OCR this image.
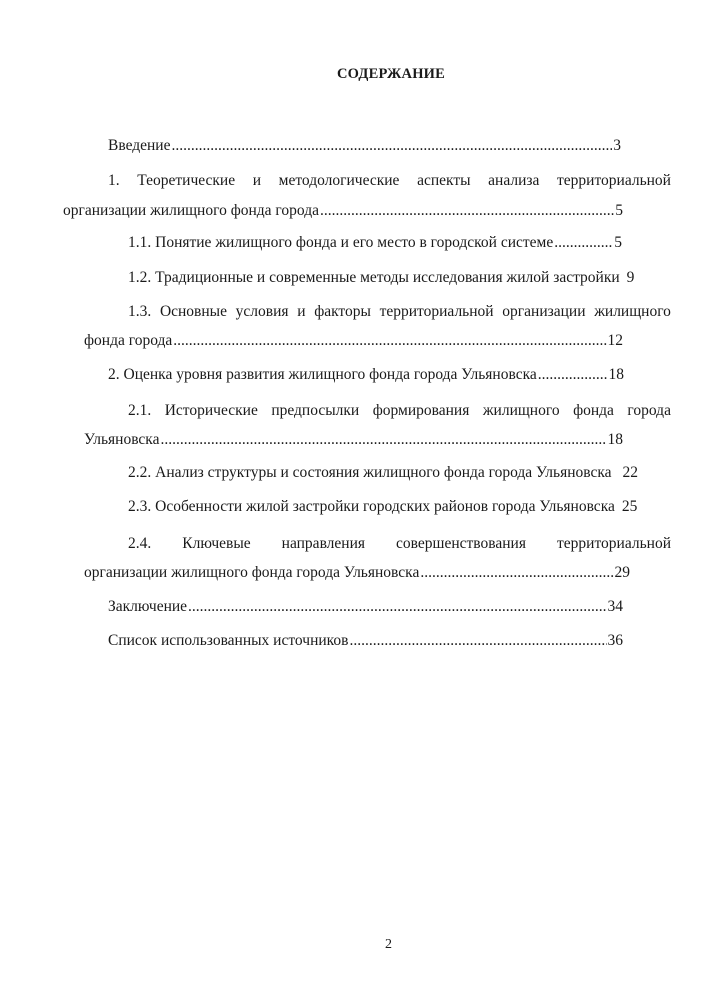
СОДЕРЖАНИЕ
Введение .....	3
1. Теоретические и методологические аспекты анализа территориальной
организации жилищного фонда города .....	5
1.1. Понятие жилищного фонда и его место в городской системе .....	5
1.2. Традиционные и современные методы исследования жилой застройки 9
1.3. Основные условия и факторы территориальной организации жилищного
фонда города .....	12
2. Оценка уровня развития жилищного фонда города Ульяновска .....	18
2.1. Исторические предпосылки формирования жилищного фонда города
Ульяновска .....	18
2.2. Анализ структуры и состояния жилищного фонда города Ульяновска 22
2.3. Особенности жилой застройки городских районов города Ульяновска 25
2.4. Ключевые направления совершенствования территориальной
организации жилищного фонда города Ульяновска .....	29
Заключение .....	34
Список использованных источников .....	36
2
